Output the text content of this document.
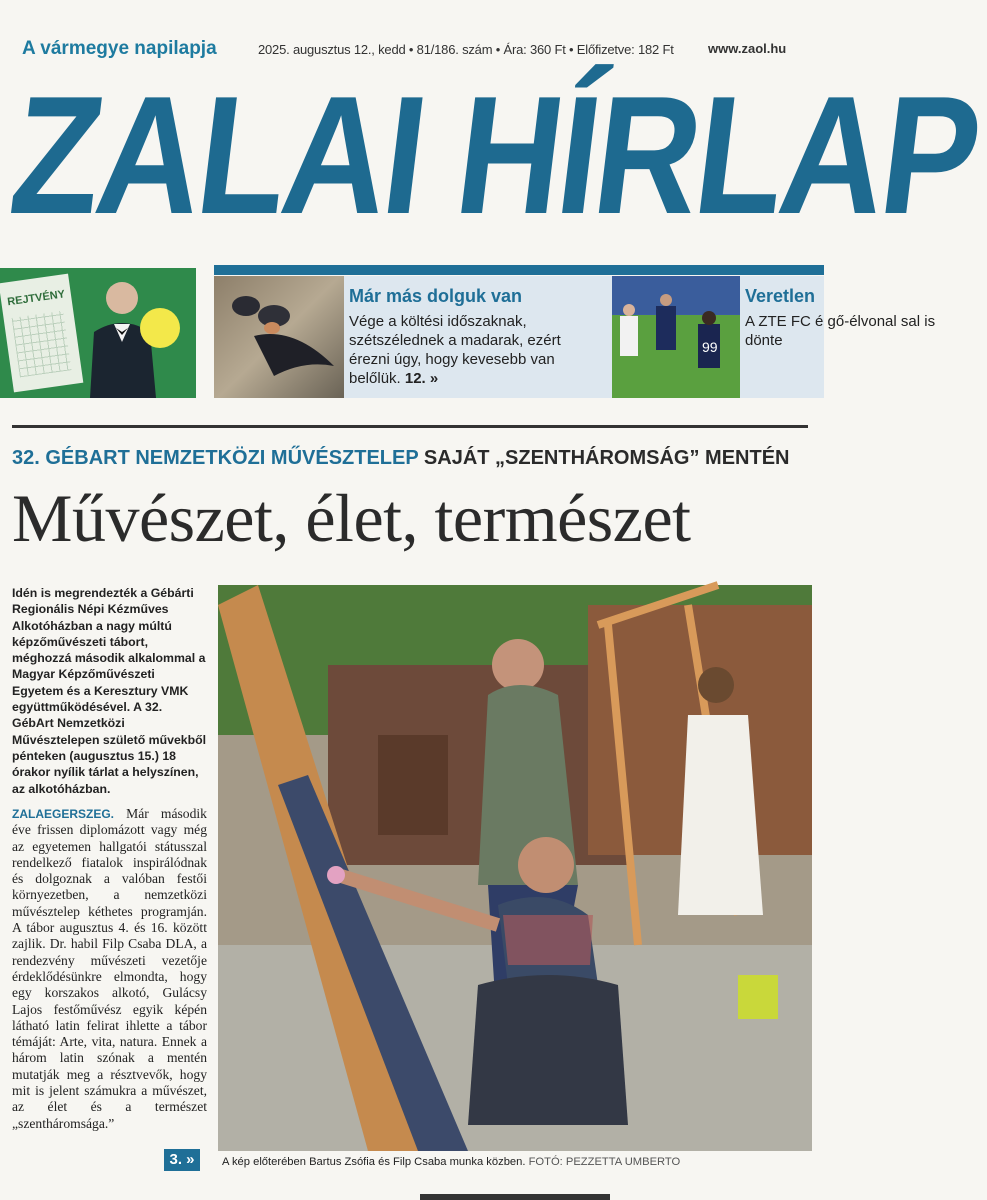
A vármegye napilapja	2025. augusztus 12., kedd • 81/186. szám • Ára: 360 Ft • Előfizetve: 182 Ft	www.zaol.hu
ZALAI HÍRLAP
REJTVÉNY	Már más dolguk van
Vége a költési időszaknak, szétszélednek a madarak, ezért érezni úgy, hogy kevesebb van belőlük. 12. »
99
Veretlen
A ZTE FC é gő-élvonal sal is dönte
32. GÉBART NEMZETKÖZI MŰVÉSZTELEP SAJÁT „SZENTHÁROMSÁG” MENTÉN
Művészet, élet, természet
Idén is megrendezték a Gébárti Regionális Népi Kézműves Alkotóházban a nagy múltú képzőművészeti tábort, méghozzá második alkalommal a Magyar Képzőművészeti Egyetem és a Keresztury VMK együttműködésével. A 32. GébArt Nemzetközi Művésztelepen születő művekből pénteken (augusztus 15.) 18 órakor nyílik tárlat a helyszínen, az alkotóházban.
ZALAEGERSZEG. Már második éve frissen diplomázott vagy még az egyetemen hallgatói státusszal rendelkező fiatalok inspirálódnak és dolgoznak a valóban festői környezetben, a nemzetközi művésztelep kéthetes programján. A tábor augusztus 4. és 16. között zajlik. Dr. habil Filp Csaba DLA, a rendezvény művészeti vezetője érdeklődésünkre elmondta, hogy egy korszakos alkotó, Gulácsy Lajos festőművész egyik képén látható latin felirat ihlette a tábor témáját: Arte, vita, natura. Ennek a három latin szónak a mentén mutatják meg a résztvevők, hogy mit is jelent számukra a művészet, az élet és a természet „szentháromsága.”
3. »	A kép előterében Bartus Zsófia és Filp Csaba munka közben. FOTÓ: PEZZETTA UMBERTO
